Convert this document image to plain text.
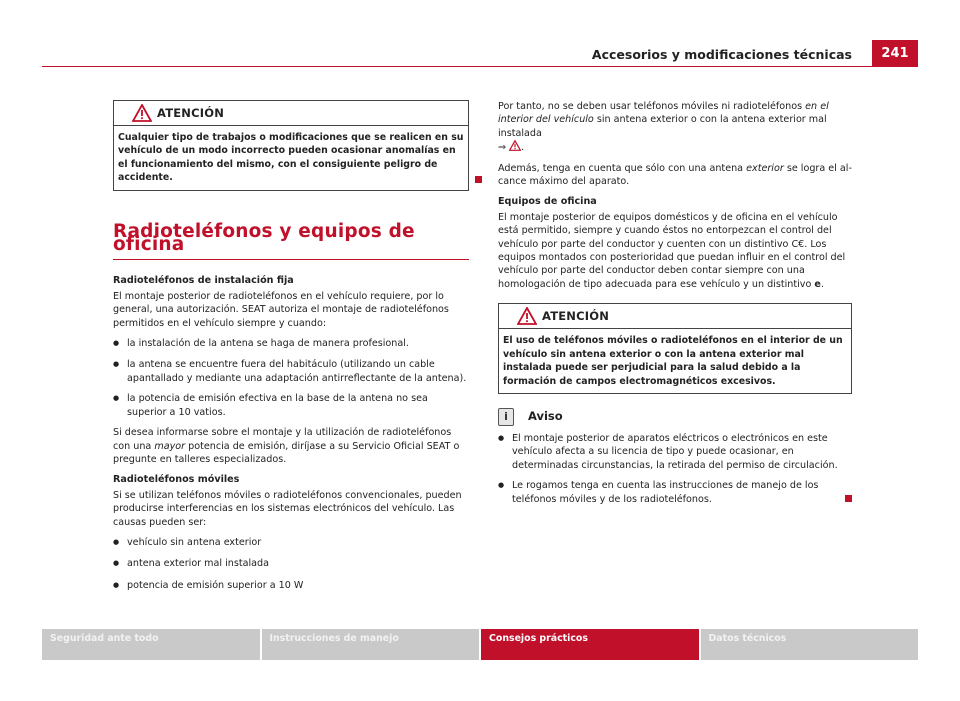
Accesorios y modificaciones técnicas	241
ATENCIÓN
Cualquier tipo de trabajos o modificaciones que se realicen en su vehículo de un modo incorrecto pueden ocasionar anomalías en el funcionamiento del mismo, con el consiguiente peligro de accidente.
Radioteléfonos y equipos de oficina
Radioteléfonos de instalación fija

El montaje posterior de radioteléfonos en el vehículo requiere, por lo general, una autorización. SEAT autoriza el montaje de radioteléfonos permitidos en el vehículo siempre y cuando:

●
la instalación de la antena se haga de manera profesional.
●
la antena se encuentre fuera del habitáculo (utilizando un cable apantallado y mediante una adaptación antirreflectante de la antena).
●
la potencia de emisión efectiva en la base de la antena no sea superior a 10 vatios.

Si desea informarse sobre el montaje y la utilización de radioteléfonos con una mayor potencia de emisión, diríjase a su Servicio Oficial SEAT o pregunte en talleres especializados.

Radioteléfonos móviles

Si se utilizan teléfonos móviles o radioteléfonos convencionales, pueden producirse interferencias en los sistemas electrónicos del vehículo. Las causas pueden ser:

●
vehículo sin antena exterior
●
antena exterior mal instalada
●
potencia de emisión superior a 10 W

Por tanto, no se deben usar teléfonos móviles ni radioteléfonos en el interior del vehículo sin antena exterior o con la antena exterior mal instalada
⇒ .

Además, tenga en cuenta que sólo con una antena exterior se logra el alcance máximo del aparato.

Equipos de oficina

El montaje posterior de equipos domésticos y de oficina en el vehículo está permitido, siempre y cuando éstos no entorpezcan el control del vehículo por parte del conductor y cuenten con un distintivo C€. Los equipos montados con posterioridad que puedan influir en el control del vehículo por parte del conductor deben contar siempre con una homologación de tipo adecuada para ese vehículo y un distintivo e.

ATENCIÓN
El uso de teléfonos móviles o radioteléfonos en el interior de un vehículo sin antena exterior o con la antena exterior mal instalada puede ser perjudicial para la salud debido a la formación de campos electromagnéticos excesivos.
i	Aviso
●
El montaje posterior de aparatos eléctricos o electrónicos en este vehículo afecta a su licencia de tipo y puede ocasionar, en determinadas circunstancias, la retirada del permiso de circulación.
●
Le rogamos tenga en cuenta las instrucciones de manejo de los teléfonos móviles y de los radioteléfonos.
Seguridad ante todo	Instrucciones de manejo	Consejos prácticos	Datos técnicos
